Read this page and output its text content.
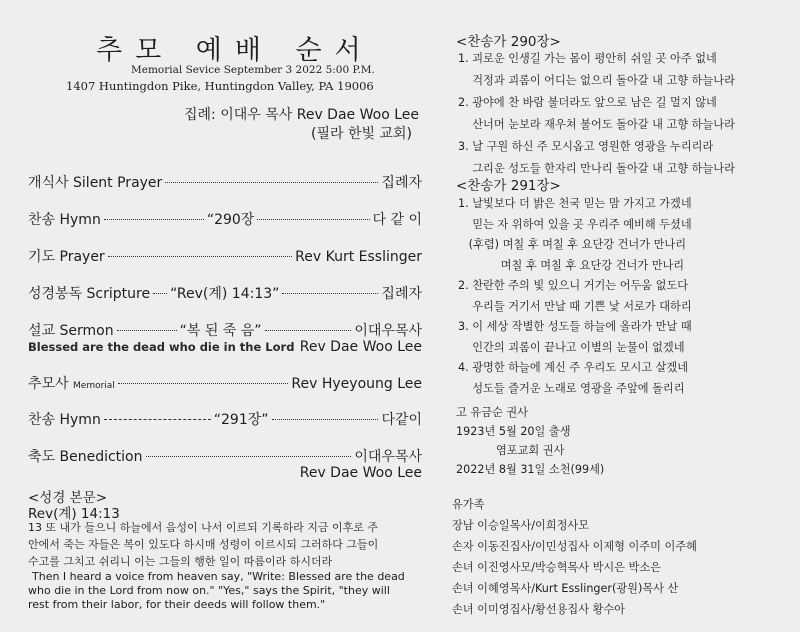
추모 예배 순서
Memorial Sevice September 3 2022 5:00 P.M.
1407 Huntingdon Pike, Huntingdon Valley, PA 19006
집례: 이대우 목사 Rev Dae Woo Lee
(필라 한빛 교회)
개식사 Silent Prayer	집례자
찬송 Hymn	“290장	다 같 이
기도 Prayer	Rev Kurt Esslinger
성경봉독 Scripture “Rev(계) 14:13”	집례자
설교 Sermon	“복 된 죽 음”	이대우목사
Blessed are the dead who die in the Lord Rev Dae Woo Lee
추모사 Memorial	Rev Hyeyoung Lee
찬송 Hymn	“291장”	다같이
축도 Benediction	이대우목사
Rev Dae Woo Lee
<성경 본문>
Rev(계) 14:13
13 또 내가 들으니 하늘에서 음성이 나서 이르되 기록하라 지금 이후로 주
안에서 죽는 자들은 복이 있도다 하시매 성령이 이르시되 그러하다 그들이
수고를 그치고 쉬리니 이는 그들의 행한 일이 따름이라 하시더라
Then I heard a voice from heaven say, "Write: Blessed are the dead
who die in the Lord from now on." "Yes," says the Spirit, "they will
rest from their labor, for their deeds will follow them."
<찬송가 290장>
1. 괴로운 인생길 가는 몸이 평안히 쉬일 곳 아주 없네
걱정과 괴롬이 어디는 없으리 돌아갈 내 고향 하늘나라
2. 광야에 찬 바람 불더라도 앞으로 남은 길 멀지 않네
산너머 눈보라 재우쳐 불어도 돌아갈 내 고향 하늘나라
3. 날 구원 하신 주 모시옵고 영원한 영광을 누리리라
그리운 성도들 한자리 만나리 돌아갈 내 고향 하늘나라
<찬송가 291장>
1. 날빛보다 더 밝은 천국 믿는 맘 가지고 가겠네
믿는 자 위하여 있을 곳 우리주 예비해 두셨네
(후렴) 며칠 후 며칠 후 요단강 건너가 만나리
며칠 후 며칠 후 요단강 건너가 만나리
2. 찬란한 주의 빛 있으니 거기는 어두움 없도다
우리들 거기서 만날 때 기쁜 낯 서로가 대하리
3. 이 세상 작별한 성도들 하늘에 올라가 만날 때
인간의 괴롬이 끝나고 이별의 눈물이 없겠네
4. 광명한 하늘에 계신 주 우리도 모시고 살겠네
성도들 즐거운 노래로 영광을 주앞에 돌리리
고 유금순 권사
1923년 5월 20일 출생
염포교회 권사
2022년 8월 31일 소천(99세)
유가족
장남 이승일목사/이희정사모
손자 이동진집사/이민성집사 이제형 이주미 이주혜
손녀 이진영사모/박승혁목사 박시은 박소은
손녀 이혜영목사/Kurt Esslinger(광원)목사 산
손녀 이미영집사/황선용집사 황수아
